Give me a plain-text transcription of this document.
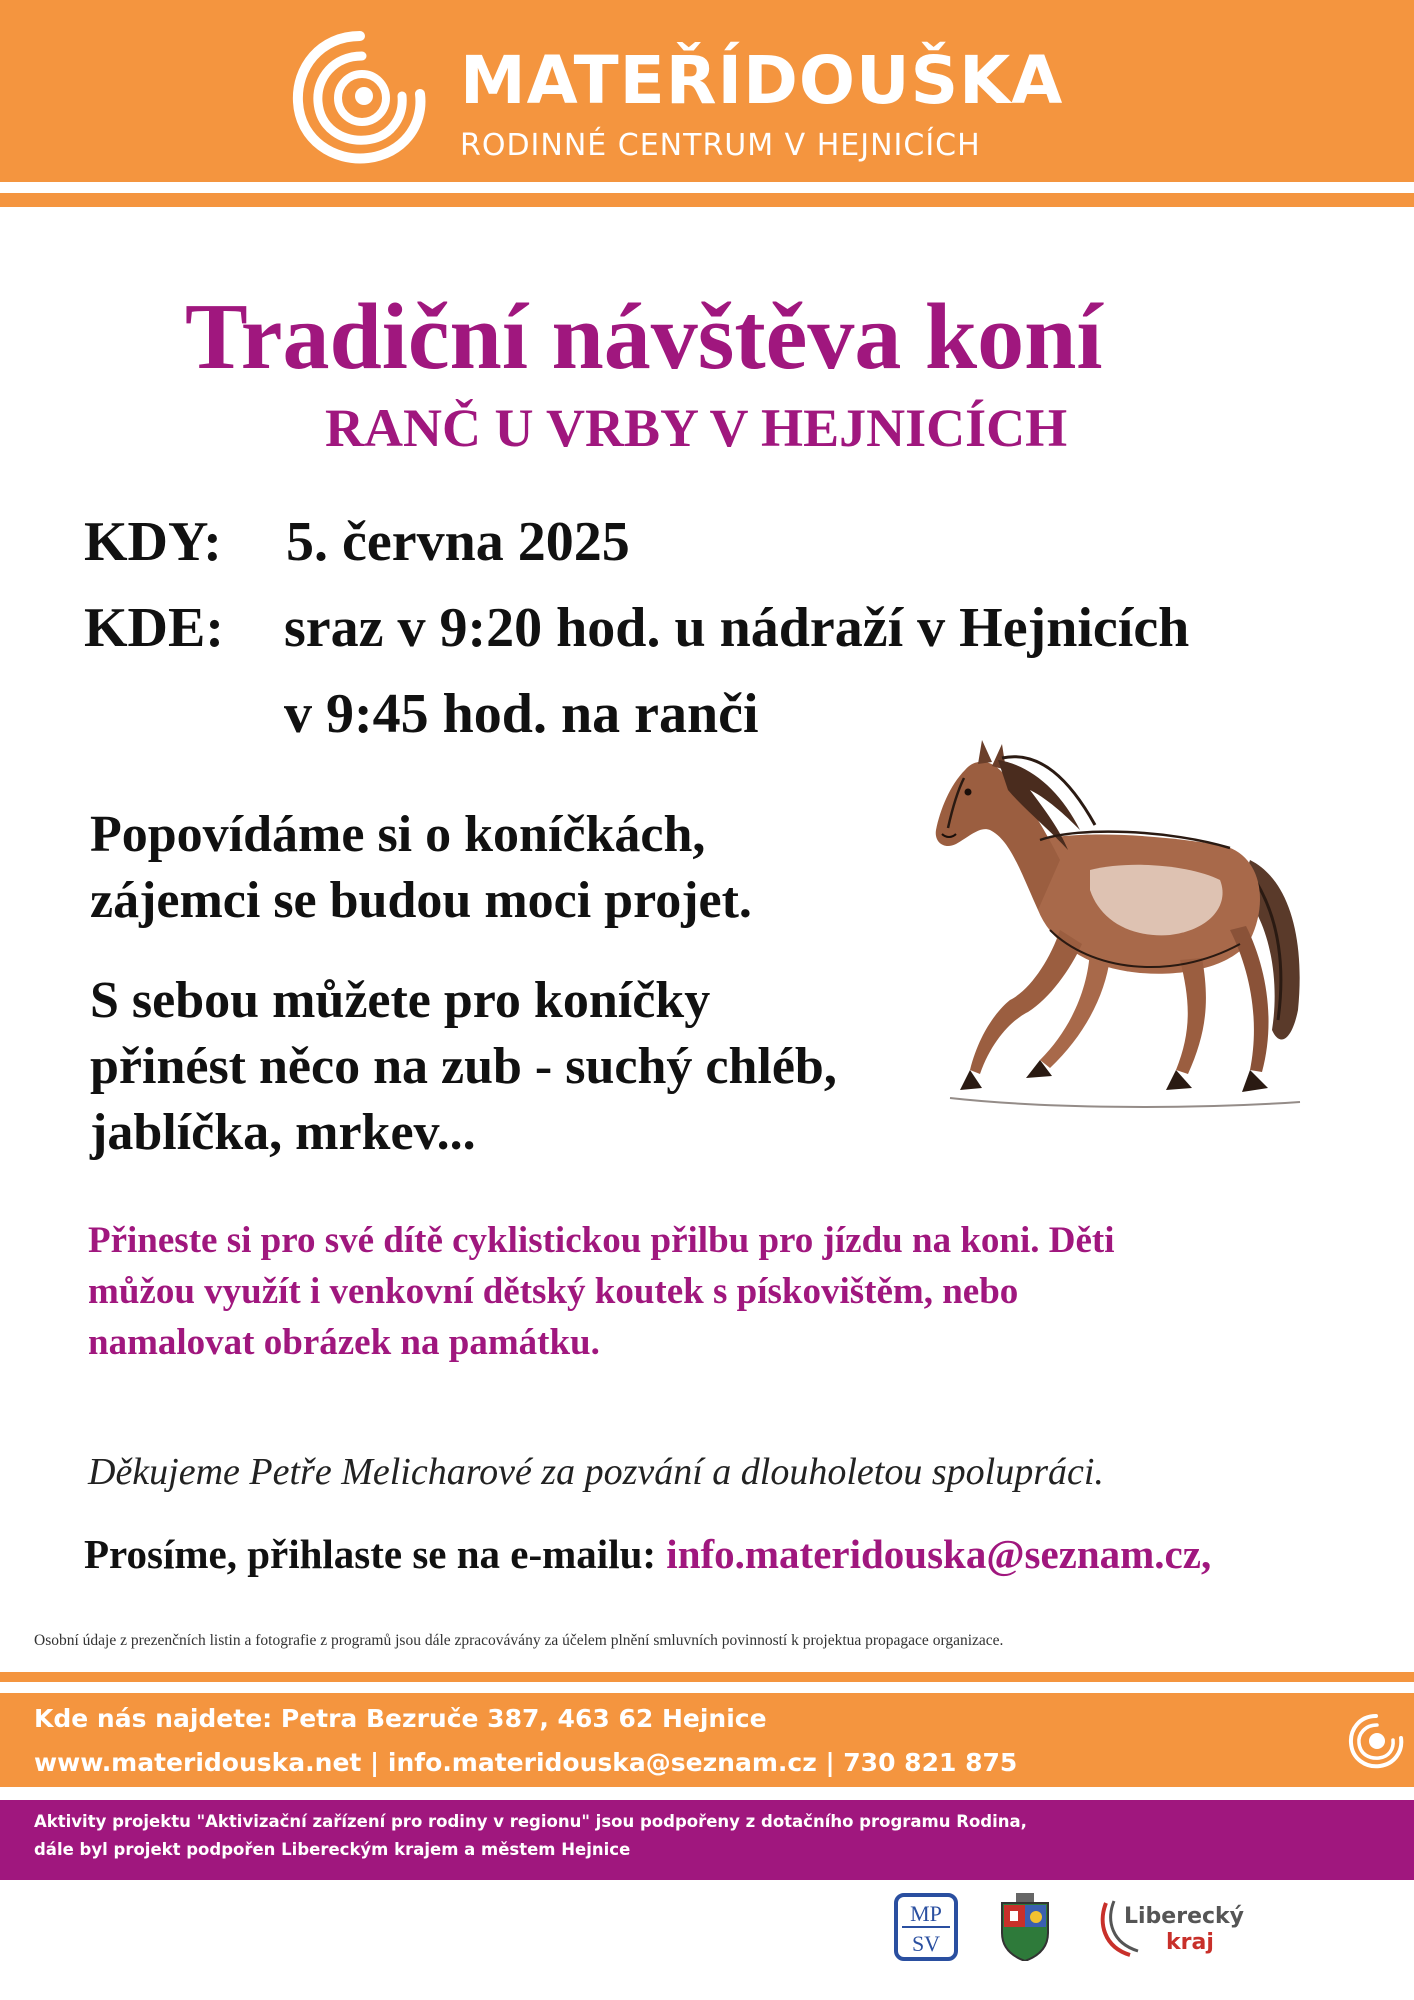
MATEŘÍDOUŠKA
RODINNÉ CENTRUM V HEJNICÍCH
Tradiční návštěva koní
RANČ U VRBY V HEJNICÍCH
KDY: 5. června 2025
KDE: sraz v 9:20 hod. u nádraží v Hejnicích
v 9:45 hod. na ranči
Popovídáme si o koníčkách,
zájemci se budou moci projet.
S sebou můžete pro koníčky
přinést něco na zub - suchý chléb,
jablíčka, mrkev...
Přineste si pro své dítě cyklistickou přilbu pro jízdu na koni. Děti
můžou využít i venkovní dětský koutek s pískovištěm, nebo
namalovat obrázek na památku.
Děkujeme Petře Melicharové za pozvání a dlouholetou spolupráci.
Prosíme, přihlaste se na e-mailu: info.materidouska@seznam.cz,
Osobní údaje z prezenčních listin a fotografie z programů jsou dále zpracovávány za účelem plnění smluvních povinností k projektua propagace organizace.
Kde nás najdete: Petra Bezruče 387, 463 62 Hejnice
www.materidouska.net | info.materidouska@seznam.cz | 730 821 875
Aktivity projektu "Aktivizační zařízení pro rodiny v regionu" jsou podpořeny z dotačního programu Rodina,
dále byl projekt podpořen Libereckým krajem a městem Hejnice
MP
SV
Liberecký
kraj
